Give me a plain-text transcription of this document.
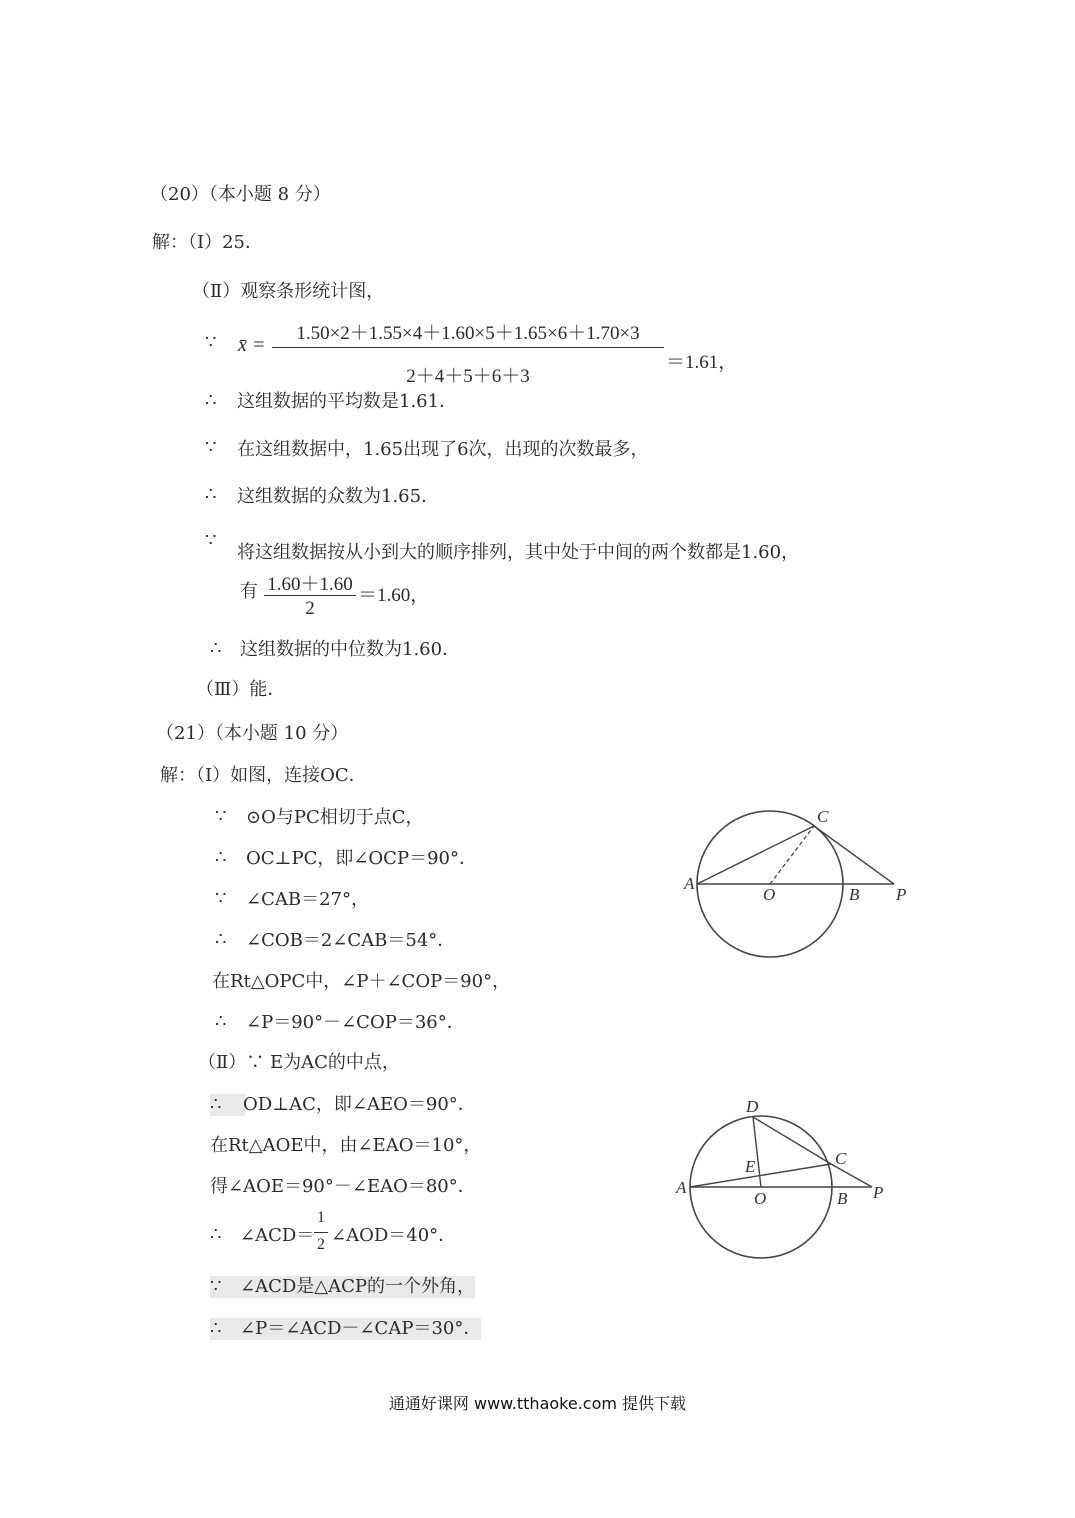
（20）（本小题 8 分）
解：（Ⅰ）25．
（Ⅱ）观察条形统计图，
∵ x̄ =
1.50×2＋1.55×4＋1.60×5＋1.65×6＋1.70×3
2＋4＋5＋6＋3
＝1.61，
∴ 这组数据的平均数是1.61．
∵ 在这组数据中，1.65出现了6次，出现的次数最多，
∴ 这组数据的众数为1.65．
∵
将这组数据按从小到大的顺序排列，其中处于中间的两个数都是1.60，
有 1.60＋1.60
2
＝1.60，
∴ 这组数据的中位数为1.60．
（Ⅲ）能．
（21）（本小题 10 分）
解：（Ⅰ）如图，连接OC．
∵ ⊙O与PC相切于点C，
∴ OC⊥PC，即∠OCP＝90°．
∵ ∠CAB＝27°，
∴ ∠COB＝2∠CAB＝54°．
在Rt△OPC中，∠P＋∠COP＝90°，
∴ ∠P＝90°－∠COP＝36°．
（Ⅱ）∵ E为AC的中点，
∴	OD⊥AC，即∠AEO＝90°．
在Rt△AOE中，由∠EAO＝10°，
得∠AOE＝90°－∠EAO＝80°．
∴ ∠ACD＝
1
2 ∠AOD＝40°．
∵	∠ACD是△ACP的一个外角，
∴	∠P＝∠ACD－∠CAP＝30°．
C
A
O	B P
D
E	C
A
O	B P
通通好课网 www.tthaoke.com 提供下载
